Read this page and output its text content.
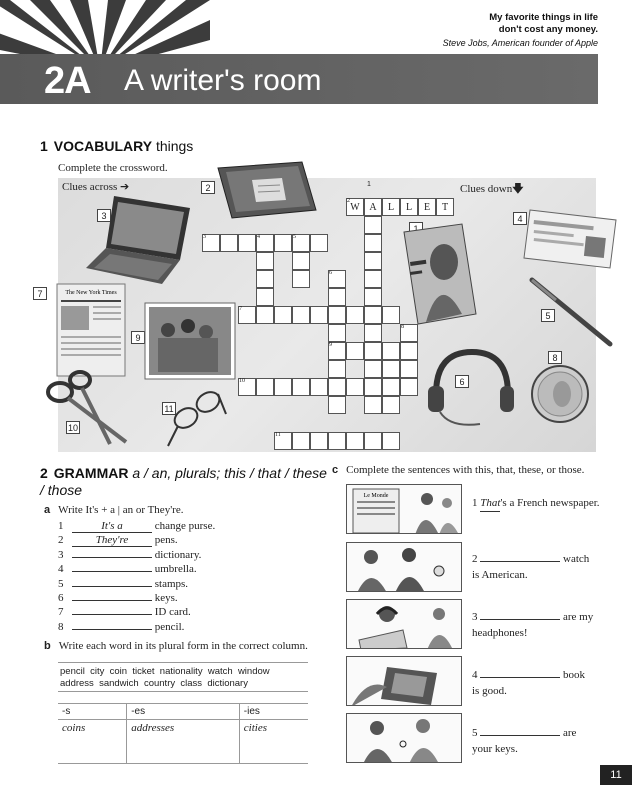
My favorite things in life
don't cost any money.
Steve Jobs, American founder of Apple
2A A writer's room
1 VOCABULARY things
Complete the crossword.
Clues across ➔	Clues down🡇
W A	L	L	E	T
2
3	4	5
6
7
8
9
10
11
1
1
2
3	4
5
6
7
8
9
10
11
The New York Times
2 GRAMMAR a / an, plurals; this / that / these / those
a Write It's + a | an or They're.
1	It's a	change purse.
2	They're pens.
3	dictionary.
4	umbrella.
5	stamps.
6	keys.
7	ID card.
8	pencil.
b Write each word in its plural form in the correct column.
pencil  city  coin  ticket  nationality  watch  window
address  sandwich  country  class  dictionary
-s	-es	-ies
coins	addresses	cities
c Complete the sentences with this, that, these, or those.
Le Monde
1 That's a French newspaper.
2	watch
is American.
3	are my
headphones!
4	book
is good.
5	are
your keys.
11
